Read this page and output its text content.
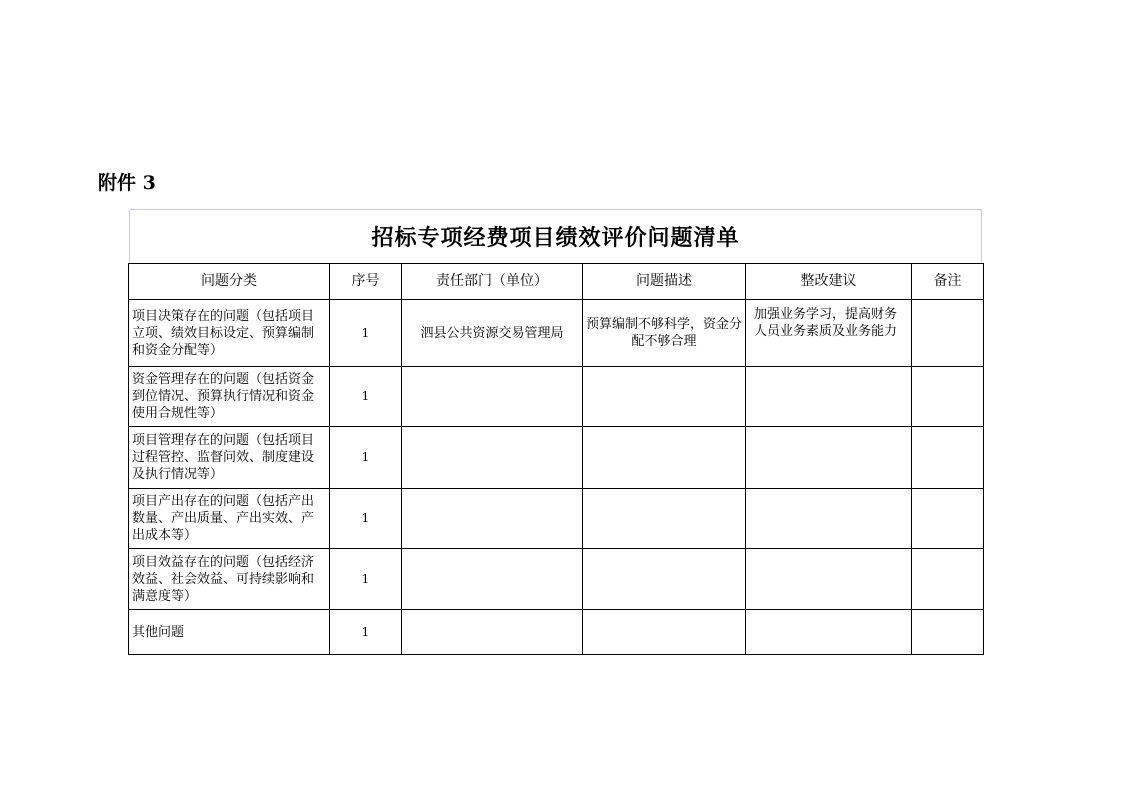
附件 3
招标专项经费项目绩效评价问题清单
问题分类	序号	责任部门（单位）	问题描述	整改建议	备注
项目决策存在的问题（包括项目立项、绩效目标设定、预算编制和资金分配等）	1	泗县公共资源交易管理局	预算编制不够科学，资金分配不够合理	加强业务学习，提高财务人员业务素质及业务能力	
资金管理存在的问题（包括资金到位情况、预算执行情况和资金使用合规性等）	1				
项目管理存在的问题（包括项目过程管控、监督问效、制度建设及执行情况等）	1				
项目产出存在的问题（包括产出数量、产出质量、产出实效、产出成本等）	1				
项目效益存在的问题（包括经济效益、社会效益、可持续影响和满意度等）	1				
其他问题	1				
